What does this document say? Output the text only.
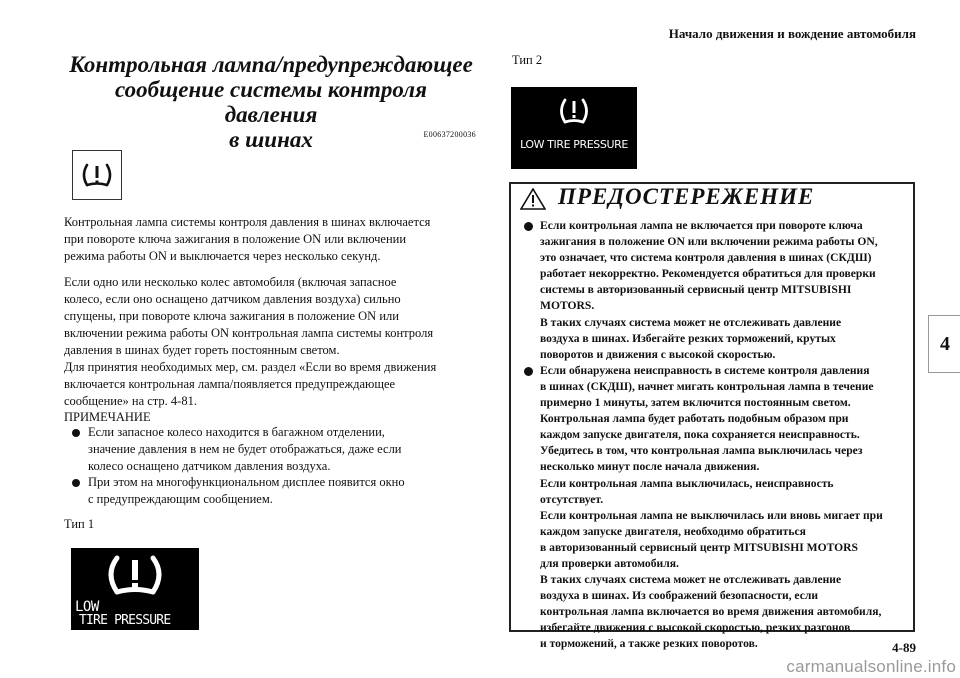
Начало движения и вождение автомобиля
4
Контрольная лампа/предупреждающее
сообщение системы контроля давления
в шинах	E00637200036
Контрольная лампа системы контроля давления в шинах включается
при повороте ключа зажигания в положение ON или включении
режима работы ON и выключается через несколько секунд.
Если одно или несколько колес автомобиля (включая запасное
колесо, если оно оснащено датчиком давления воздуха) сильно
спущены, при повороте ключа зажигания в положение ON или
включении режима работы ON контрольная лампа системы контроля
давления в шинах будет гореть постоянным светом.
Для принятия необходимых мер, см. раздел «Если во время движения
включается контрольная лампа/появляется предупреждающее
сообщение» на стр. 4-81.
ПРИМЕЧАНИЕ
Если запасное колесо находится в багажном отделении,
значение давления в нем не будет отображаться, даже если
колесо оснащено датчиком давления воздуха.
При этом на многофункциональном дисплее появится окно
с предупреждающим сообщением.
Тип 1
LOW
TIRE PRESSURE
Тип 2
LOW TIRE PRESSURE
ПРЕДОСТЕРЕЖЕНИЕ

Если контрольная лампа не включается при повороте ключа

зажигания в положение ON или включении режима работы ON,

это означает, что система контроля давления в шинах (СКДШ)

работает некорректно. Рекомендуется обратиться для проверки

системы в авторизованный сервисный центр MITSUBISHI

MOTORS.

В таких случаях система может не отслеживать давление

воздуха в шинах. Избегайте резких торможений, крутых

поворотов и движения с высокой скоростью.

Если обнаружена неисправность в системе контроля давления

в шинах (СКДШ), начнет мигать контрольная лампа в течение

примерно 1 минуты, затем включится постоянным светом.

Контрольная лампа будет работать подобным образом при

каждом запуске двигателя, пока сохраняется неисправность.

Убедитесь в том, что контрольная лампа выключилась через

несколько минут после начала движения.

Если контрольная лампа выключилась, неисправность

отсутствует.

Если контрольная лампа не выключилась или вновь мигает при

каждом запуске двигателя, необходимо обратиться

в авторизованный сервисный центр MITSUBISHI MOTORS

для проверки автомобиля.

В таких случаях система может не отслеживать давление

воздуха в шинах. Из соображений безопасности, если

контрольная лампа включается во время движения автомобиля,

избегайте движения с высокой скоростью, резких разгонов

и торможений, а также резких поворотов.	4-89
carmanualsonline.info
